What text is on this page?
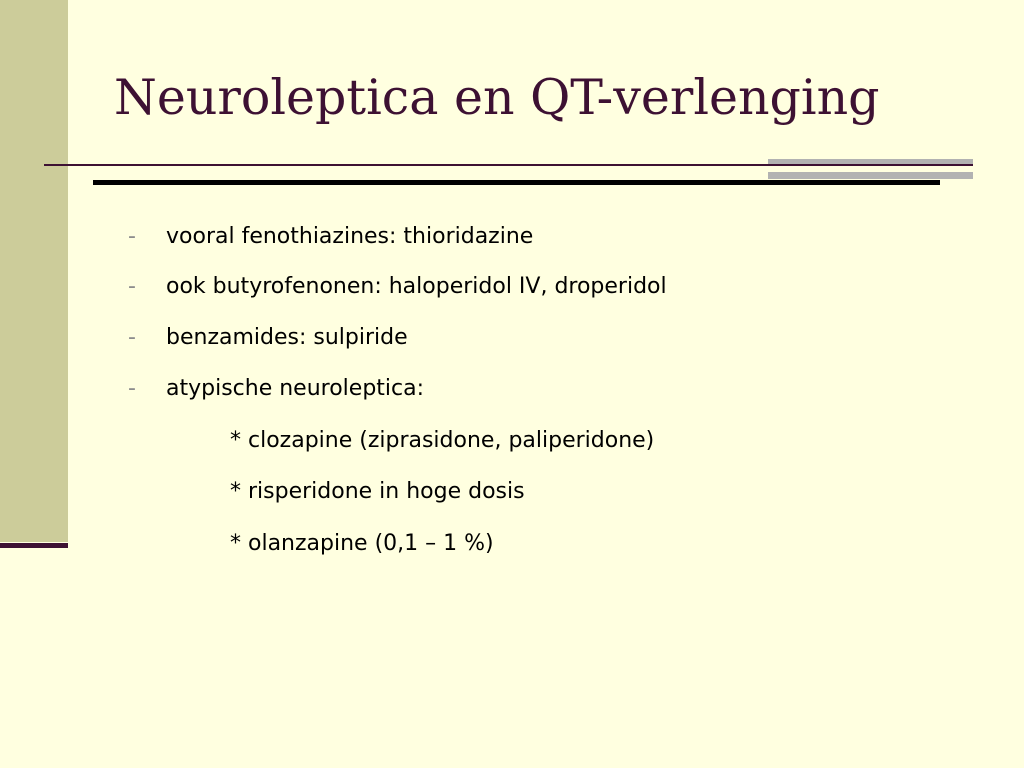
Neuroleptica en QT-verlenging
- vooral fenothiazines: thioridazine
- ook butyrofenonen: haloperidol IV, droperidol
- benzamides: sulpiride
- atypische neuroleptica:
* clozapine (ziprasidone, paliperidone)
* risperidone in hoge dosis
* olanzapine (0,1 – 1 %)
